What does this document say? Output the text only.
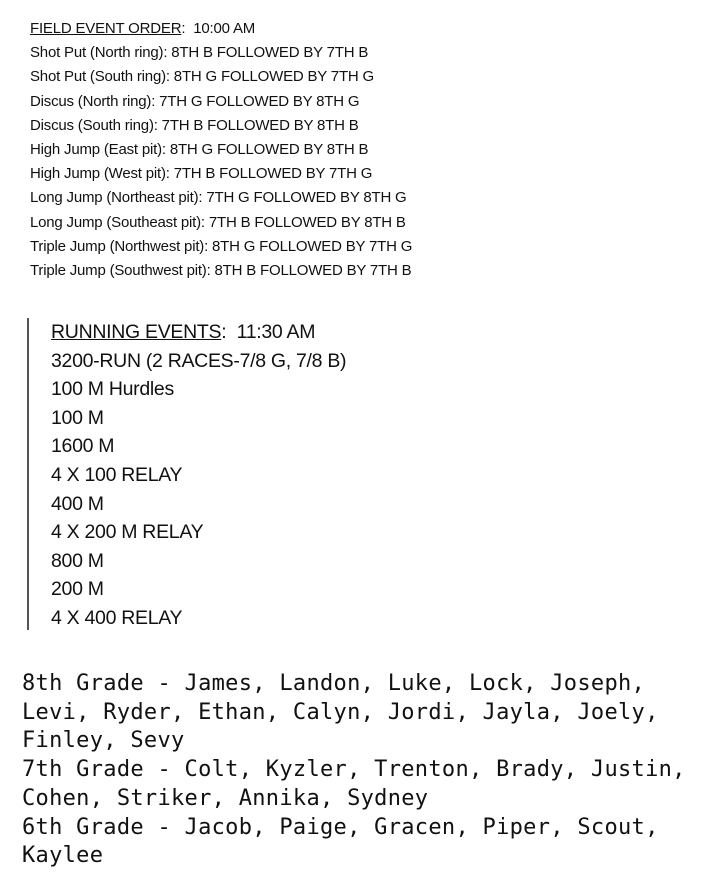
FIELD EVENT ORDER: 10:00 AM
Shot Put (North ring): 8TH B FOLLOWED BY 7TH B
Shot Put (South ring): 8TH G FOLLOWED BY 7TH G
Discus (North ring): 7TH G FOLLOWED BY 8TH G
Discus (South ring): 7TH B FOLLOWED BY 8TH B
High Jump (East pit): 8TH G FOLLOWED BY 8TH B
High Jump (West pit): 7TH B FOLLOWED BY 7TH G
Long Jump (Northeast pit): 7TH G FOLLOWED BY 8TH G
Long Jump (Southeast pit): 7TH B FOLLOWED BY 8TH B
Triple Jump (Northwest pit): 8TH G FOLLOWED BY 7TH G
Triple Jump (Southwest pit): 8TH B FOLLOWED BY 7TH B
RUNNING EVENTS: 11:30 AM
3200-RUN (2 RACES-7/8 G, 7/8 B)
100 M Hurdles
100 M
1600 M
4 X 100 RELAY
400 M
4 X 200 M RELAY
800 M
200 M
4 X 400 RELAY
8th Grade - James, Landon, Luke, Lock, Joseph,
Levi, Ryder, Ethan, Calyn, Jordi, Jayla, Joely,
Finley, Sevy
7th Grade - Colt, Kyzler, Trenton, Brady, Justin,
Cohen, Striker, Annika, Sydney
6th Grade - Jacob, Paige, Gracen, Piper, Scout,
Kaylee
